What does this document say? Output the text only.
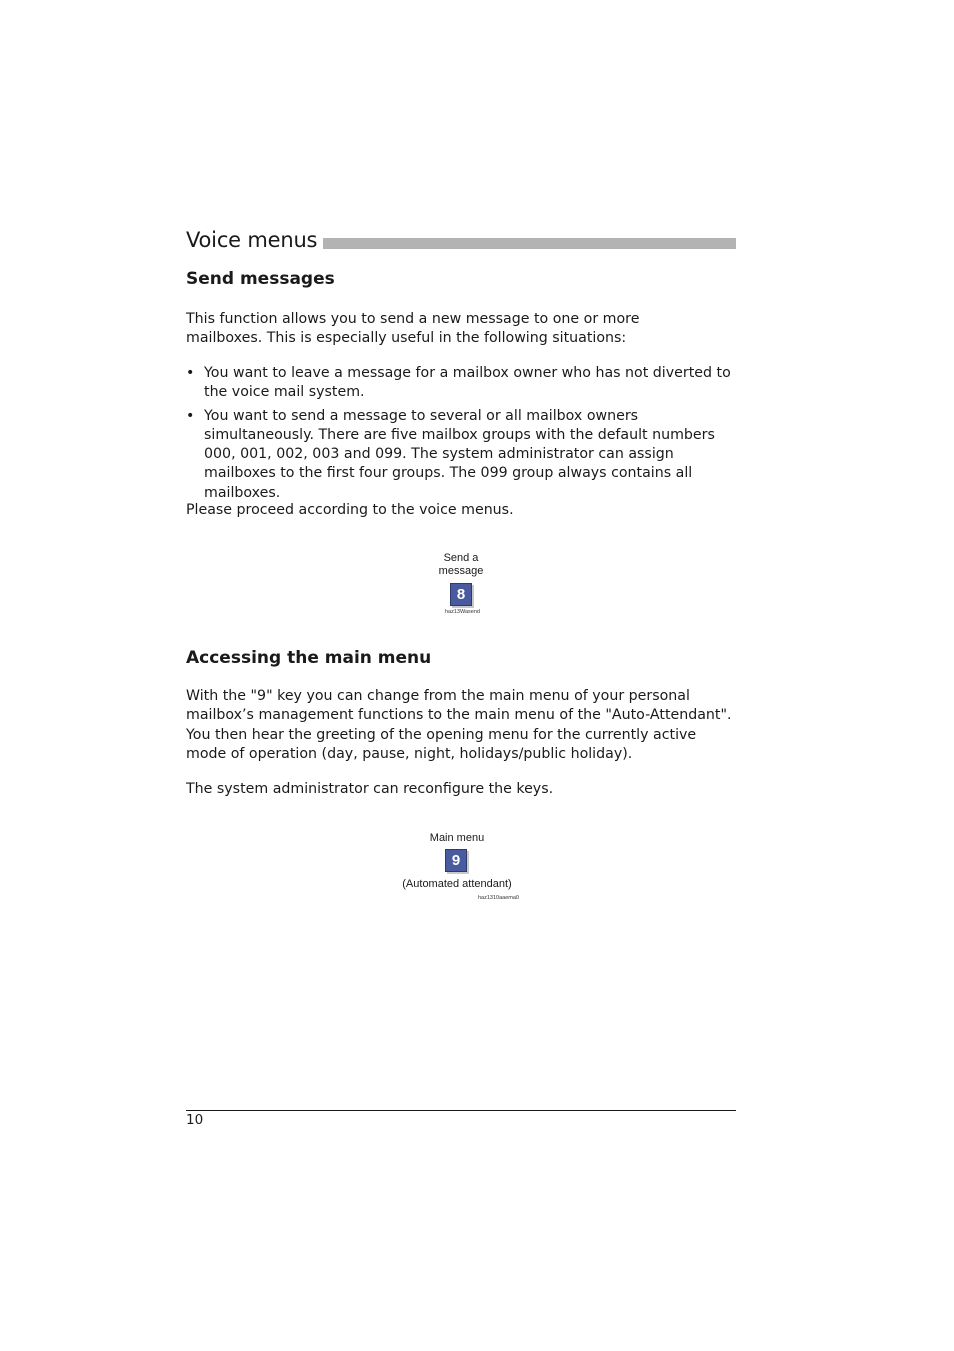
Voice menus
Send messages

This function allows you to send a new message to one or more mailboxes. This is especially useful in the following situations:

• You want to leave a message for a mailbox owner who has not diverted to the voice mail system.
• You want to send a message to several or all mailbox owners simultaneously. There are five mailbox groups with the default numbers 000, 001, 002, 003 and 099. The system administrator can assign mailboxes to the first four groups. The 099 group always contains all mailboxes.

Please proceed according to the voice menus.

Send a
message
8
haz13Wasend
Accessing the main menu

With the "9" key you can change from the main menu of your personal mailbox’s management functions to the main menu of the "Auto-Attendant". You then hear the greeting of the opening menu for the currently active mode of operation (day, pause, night, holidays/public holiday).

The system administrator can reconfigure the keys.

Main menu
9
(Automated attendant)
haz1310aaema0
10
